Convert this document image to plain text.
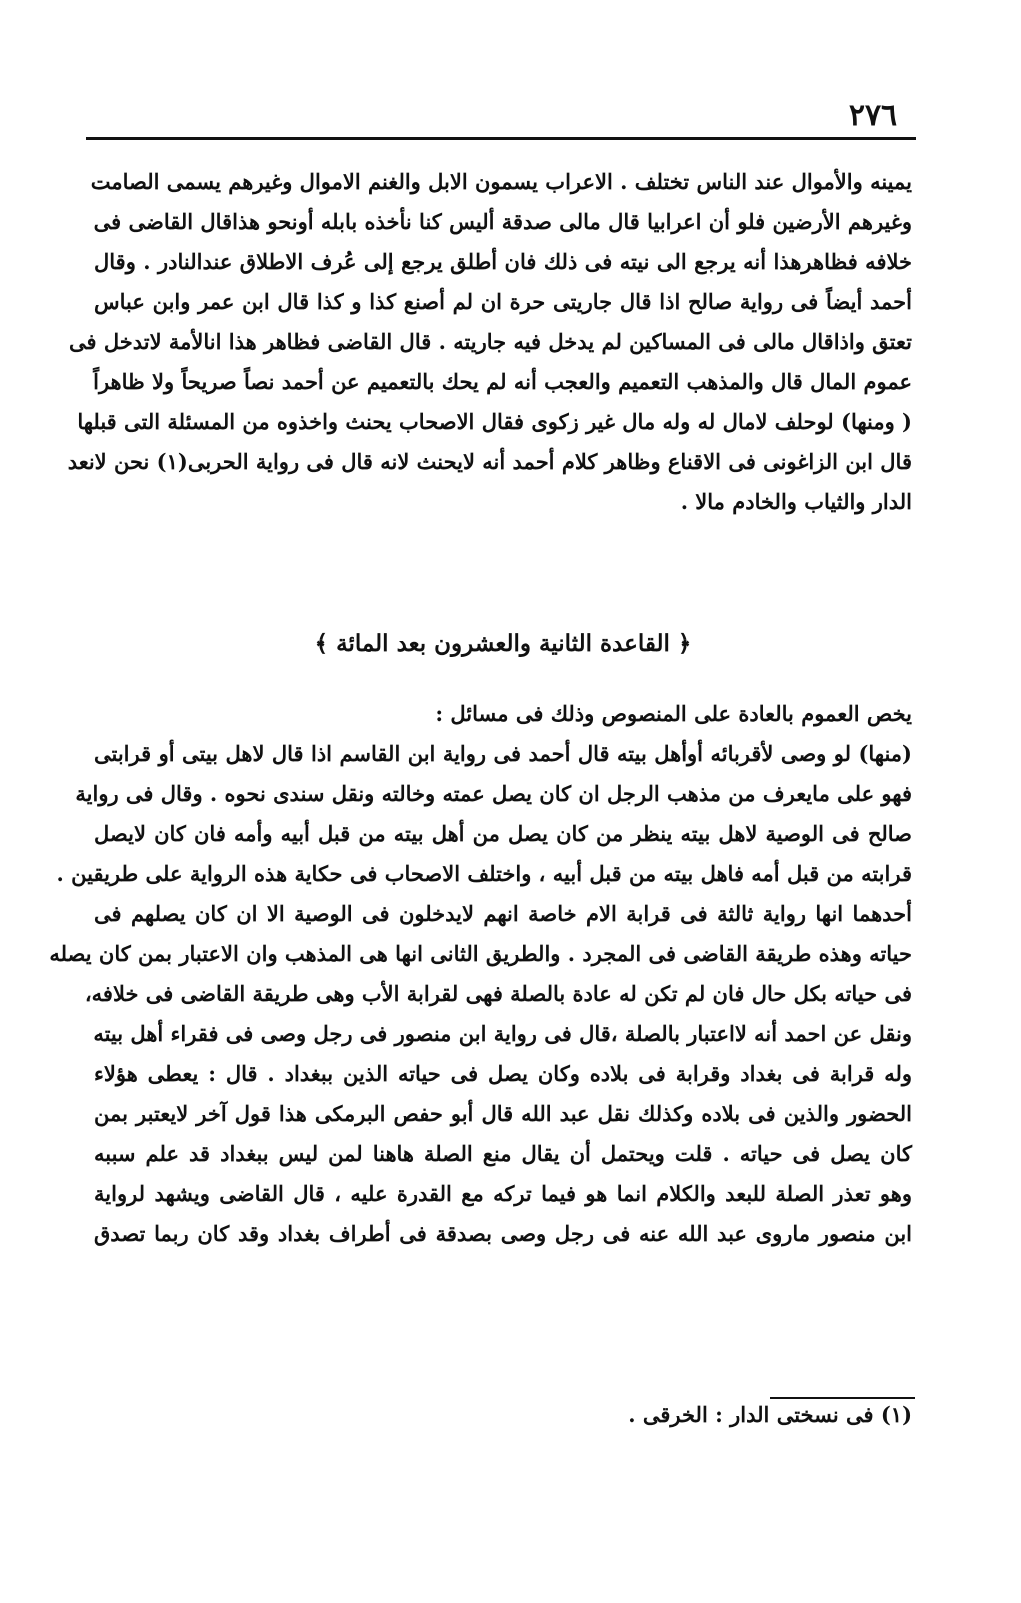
٢٧٦
يمينه والأموال عند الناس تختلف . الاعراب يسمون الابل والغنم الاموال وغيرهم يسمى الصامت
وغيرهم الأرضين فلو أن اعرابيا قال مالى صدقة أليس كنا نأخذه بابله أونحو هذاقال القاضى فى
خلافه فظاهرهذا أنه يرجع الى نيته فى ذلك فان أطلق يرجع إلى عُرف الاطلاق عندالنادر . وقال
أحمد أيضاً فى رواية صالح اذا قال جاريتى حرة ان لم أصنع كذا و كذا قال ابن عمر وابن عباس
تعتق واذاقال مالى فى المساكين لم يدخل فيه جاريته . قال القاضى فظاهر هذا انالأمة لاتدخل فى
عموم المال قال والمذهب التعميم والعجب أنه لم يحك بالتعميم عن أحمد نصاً صريحاً ولا ظاهراً
( ومنها) لوحلف لامال له وله مال غير زكوى فقال الاصحاب يحنث واخذوه من المسئلة التى قبلها
قال ابن الزاغونى فى الاقناع وظاهر كلام أحمد أنه لايحنث لانه قال فى رواية الحربى(١) نحن لانعد
الدار والثياب والخادم مالا .
﴿ القاعدة الثانية والعشرون بعد المائة ﴾
يخص العموم بالعادة على المنصوص وذلك فى مسائل :
(منها) لو وصى لأقربائه أوأهل بيته قال أحمد فى رواية ابن القاسم اذا قال لاهل بيتى أو قرابتى
فهو على مايعرف من مذهب الرجل ان كان يصل عمته وخالته ونقل سندى نحوه . وقال فى رواية
صالح فى الوصية لاهل بيته ينظر من كان يصل من أهل بيته من قبل أبيه وأمه فان كان لايصل
قرابته من قبل أمه فاهل بيته من قبل أبيه ، واختلف الاصحاب فى حكاية هذه الرواية على طريقين .
أحدهما انها رواية ثالثة فى قرابة الام خاصة انهم لايدخلون فى الوصية الا ان كان يصلهم فى
حياته وهذه طريقة القاضى فى المجرد . والطريق الثانى انها هى المذهب وان الاعتبار بمن كان يصله
فى حياته بكل حال فان لم تكن له عادة بالصلة فهى لقرابة الأب وهى طريقة القاضى فى خلافه،
ونقل عن احمد أنه لااعتبار بالصلة ،قال فى رواية ابن منصور فى رجل وصى فى فقراء أهل بيته
وله قرابة فى بغداد وقرابة فى بلاده وكان يصل فى حياته الذين ببغداد . قال : يعطى هؤلاء
الحضور والذين فى بلاده وكذلك نقل عبد الله قال أبو حفص البرمكى هذا قول آخر لايعتبر بمن
كان يصل فى حياته . قلت ويحتمل أن يقال منع الصلة هاهنا لمن ليس ببغداد قد علم سببه
وهو تعذر الصلة للبعد والكلام انما هو فيما تركه مع القدرة عليه ، قال القاضى ويشهد لرواية
ابن منصور ماروى عبد الله عنه فى رجل وصى بصدقة فى أطراف بغداد وقد كان ربما تصدق
(١) فى نسختى الدار : الخرقى .
